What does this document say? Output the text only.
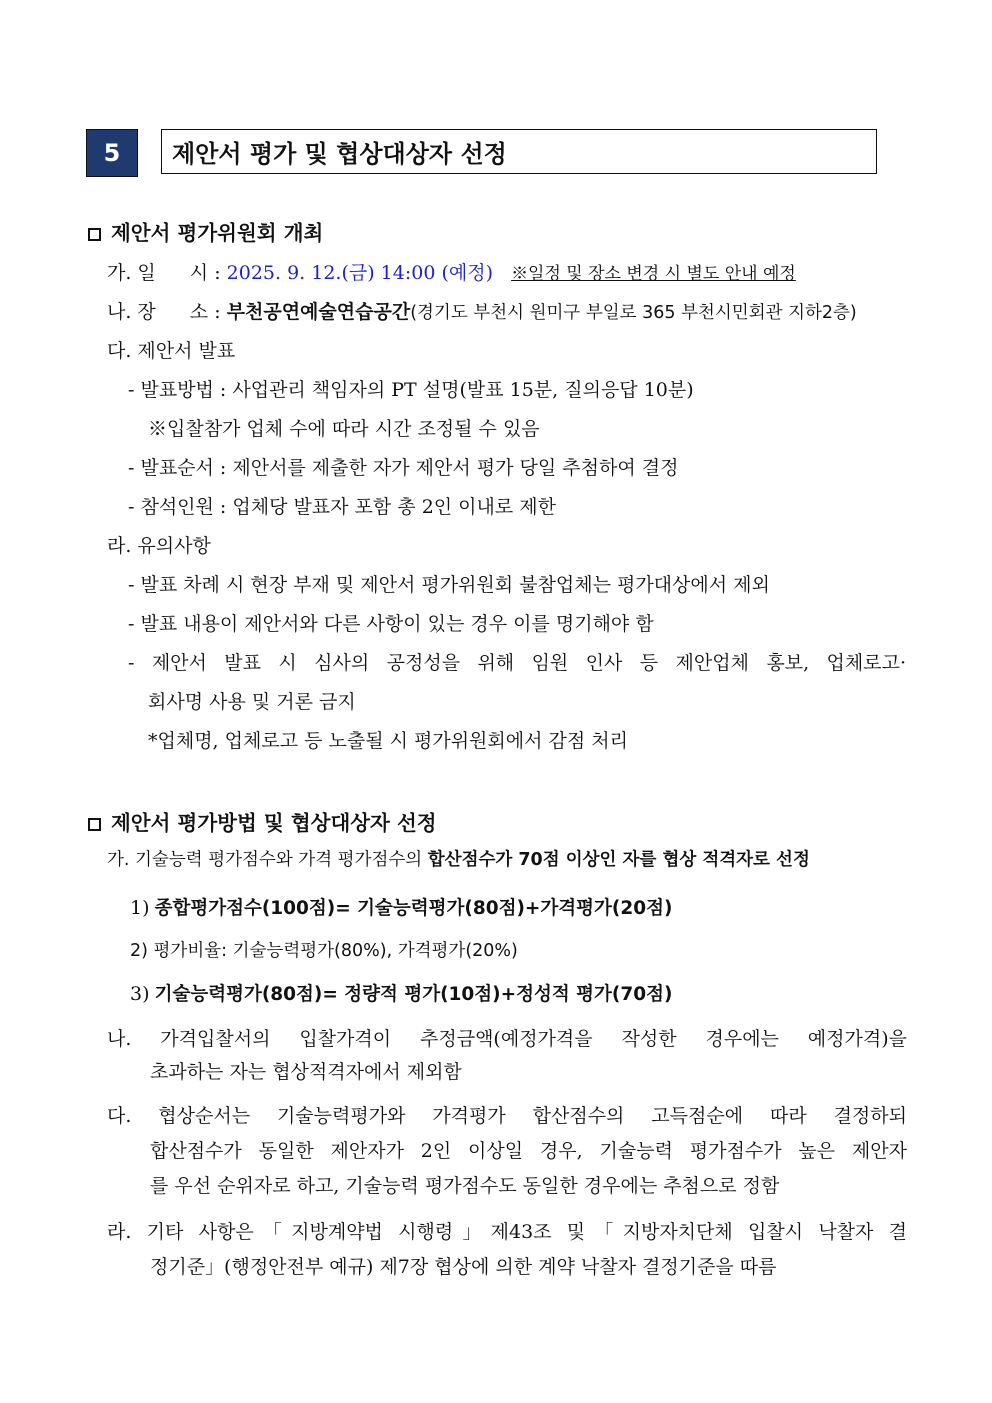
5	제안서 평가 및 협상대상자 선정
제안서 평가위원회 개최
가. 일 시 : 2025. 9. 12.(금) 14:00 (예정) ※일정 및 장소 변경 시 별도 안내 예정
나. 장 소 : 부천공연예술연습공간(경기도 부천시 원미구 부일로 365 부천시민회관 지하2층)
다. 제안서 발표
- 발표방법 : 사업관리 책임자의 PT 설명(발표 15분, 질의응답 10분)
※입찰참가 업체 수에 따라 시간 조정될 수 있음
- 발표순서 : 제안서를 제출한 자가 제안서 평가 당일 추첨하여 결정
- 참석인원 : 업체당 발표자 포함 총 2인 이내로 제한
라. 유의사항
- 발표 차례 시 현장 부재 및 제안서 평가위원회 불참업체는 평가대상에서 제외
- 발표 내용이 제안서와 다른 사항이 있는 경우 이를 명기해야 함
- 제안서 발표 시 심사의 공정성을 위해 임원 인사 등 제안업체 홍보, 업체로고·
회사명 사용 및 거론 금지
*업체명, 업체로고 등 노출될 시 평가위원회에서 감점 처리
제안서 평가방법 및 협상대상자 선정
가. 기술능력 평가점수와 가격 평가점수의 합산점수가 70점 이상인 자를 협상 적격자로 선정
1) 종합평가점수(100점)= 기술능력평가(80점)+가격평가(20점)
2) 평가비율: 기술능력평가(80%), 가격평가(20%)
3) 기술능력평가(80점)= 정량적 평가(10점)+정성적 평가(70점)
나. 가격입찰서의 입찰가격이 추정금액(예정가격을 작성한 경우에는 예정가격)을
초과하는 자는 협상적격자에서 제외함
다. 협상순서는 기술능력평가와 가격평가 합산점수의 고득점순에 따라 결정하되
합산점수가 동일한 제안자가 2인 이상일 경우, 기술능력 평가점수가 높은 제안자
를 우선 순위자로 하고, 기술능력 평가점수도 동일한 경우에는 추첨으로 정함
라. 기타 사항은「지방계약법 시행령」제43조 및「지방자치단체 입찰시 낙찰자 결
정기준」(행정안전부 예규) 제7장 협상에 의한 계약 낙찰자 결정기준을 따름
